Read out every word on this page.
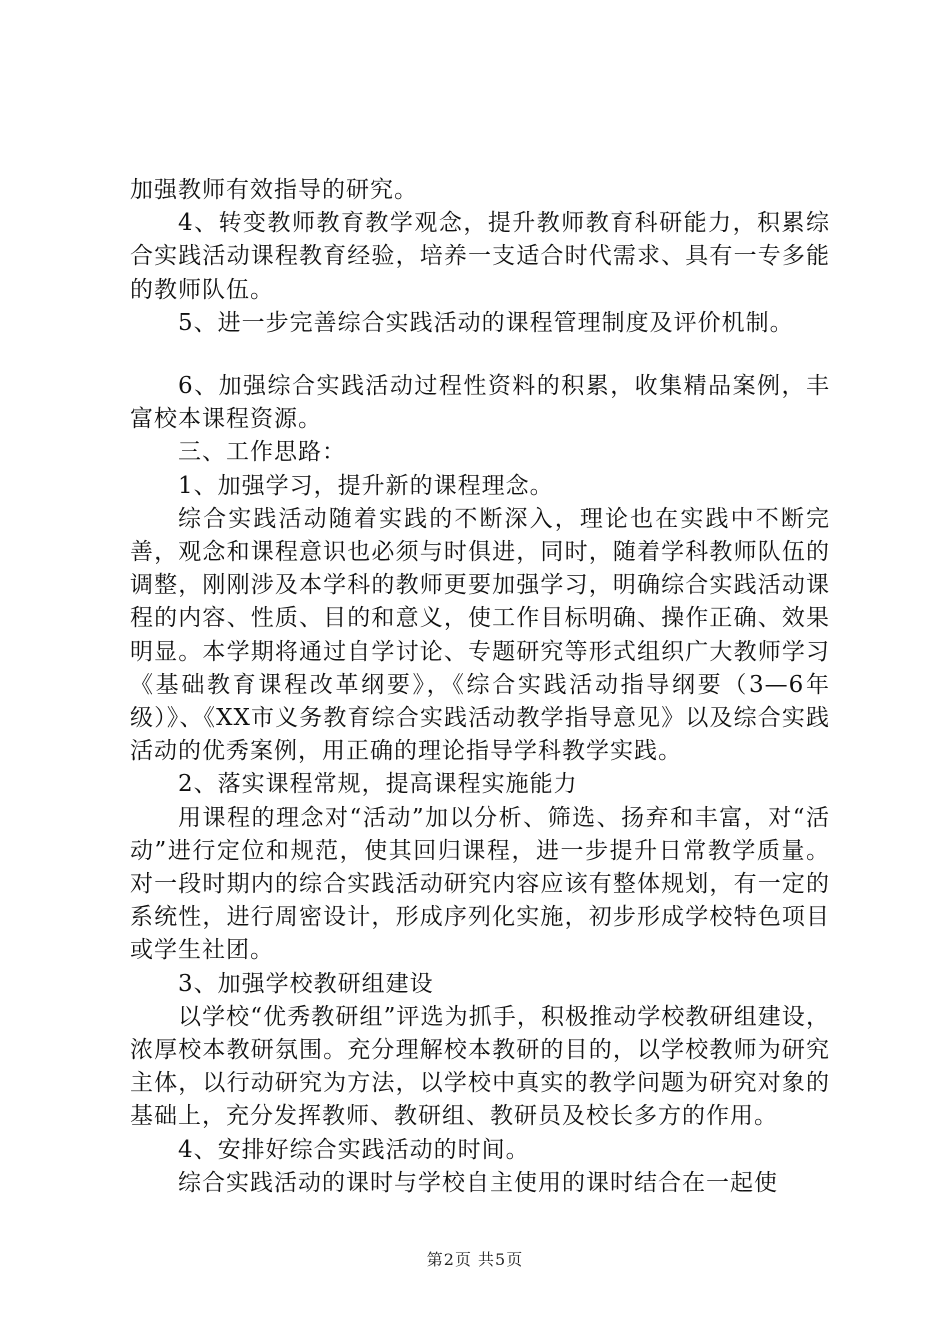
加强教师有效指导的研究。

4、转变教师教育教学观念，提升教师教育科研能力，积累综合实践活动课程教育经验，培养一支适合时代需求、具有一专多能的教师队伍。

5、进一步完善综合实践活动的课程管理制度及评价机制。

6、加强综合实践活动过程性资料的积累，收集精品案例，丰富校本课程资源。

三、工作思路：

1、加强学习，提升新的课程理念。

综合实践活动随着实践的不断深入，理论也在实践中不断完善，观念和课程意识也必须与时俱进，同时，随着学科教师队伍的调整，刚刚涉及本学科的教师更要加强学习，明确综合实践活动课程的内容、性质、目的和意义，使工作目标明确、操作正确、效果明显。本学期将通过自学讨论、专题研究等形式组织广大教师学习《基础教育课程改革纲要》，《综合实践活动指导纲要（3—6年级）》、《XX市义务教育综合实践活动教学指导意见》以及综合实践活动的优秀案例，用正确的理论指导学科教学实践。

2、落实课程常规，提高课程实施能力

用课程的理念对“活动”加以分析、筛选、扬弃和丰富，对“活动”进行定位和规范，使其回归课程，进一步提升日常教学质量。对一段时期内的综合实践活动研究内容应该有整体规划，有一定的系统性，进行周密设计，形成序列化实施，初步形成学校特色项目或学生社团。

3、加强学校教研组建设

以学校“优秀教研组”评选为抓手，积极推动学校教研组建设，浓厚校本教研氛围。充分理解校本教研的目的，以学校教师为研究主体，以行动研究为方法，以学校中真实的教学问题为研究对象的基础上，充分发挥教师、教研组、教研员及校长多方的作用。

4、安排好综合实践活动的时间。

综合实践活动的课时与学校自主使用的课时结合在一起使

第2页 共5页
